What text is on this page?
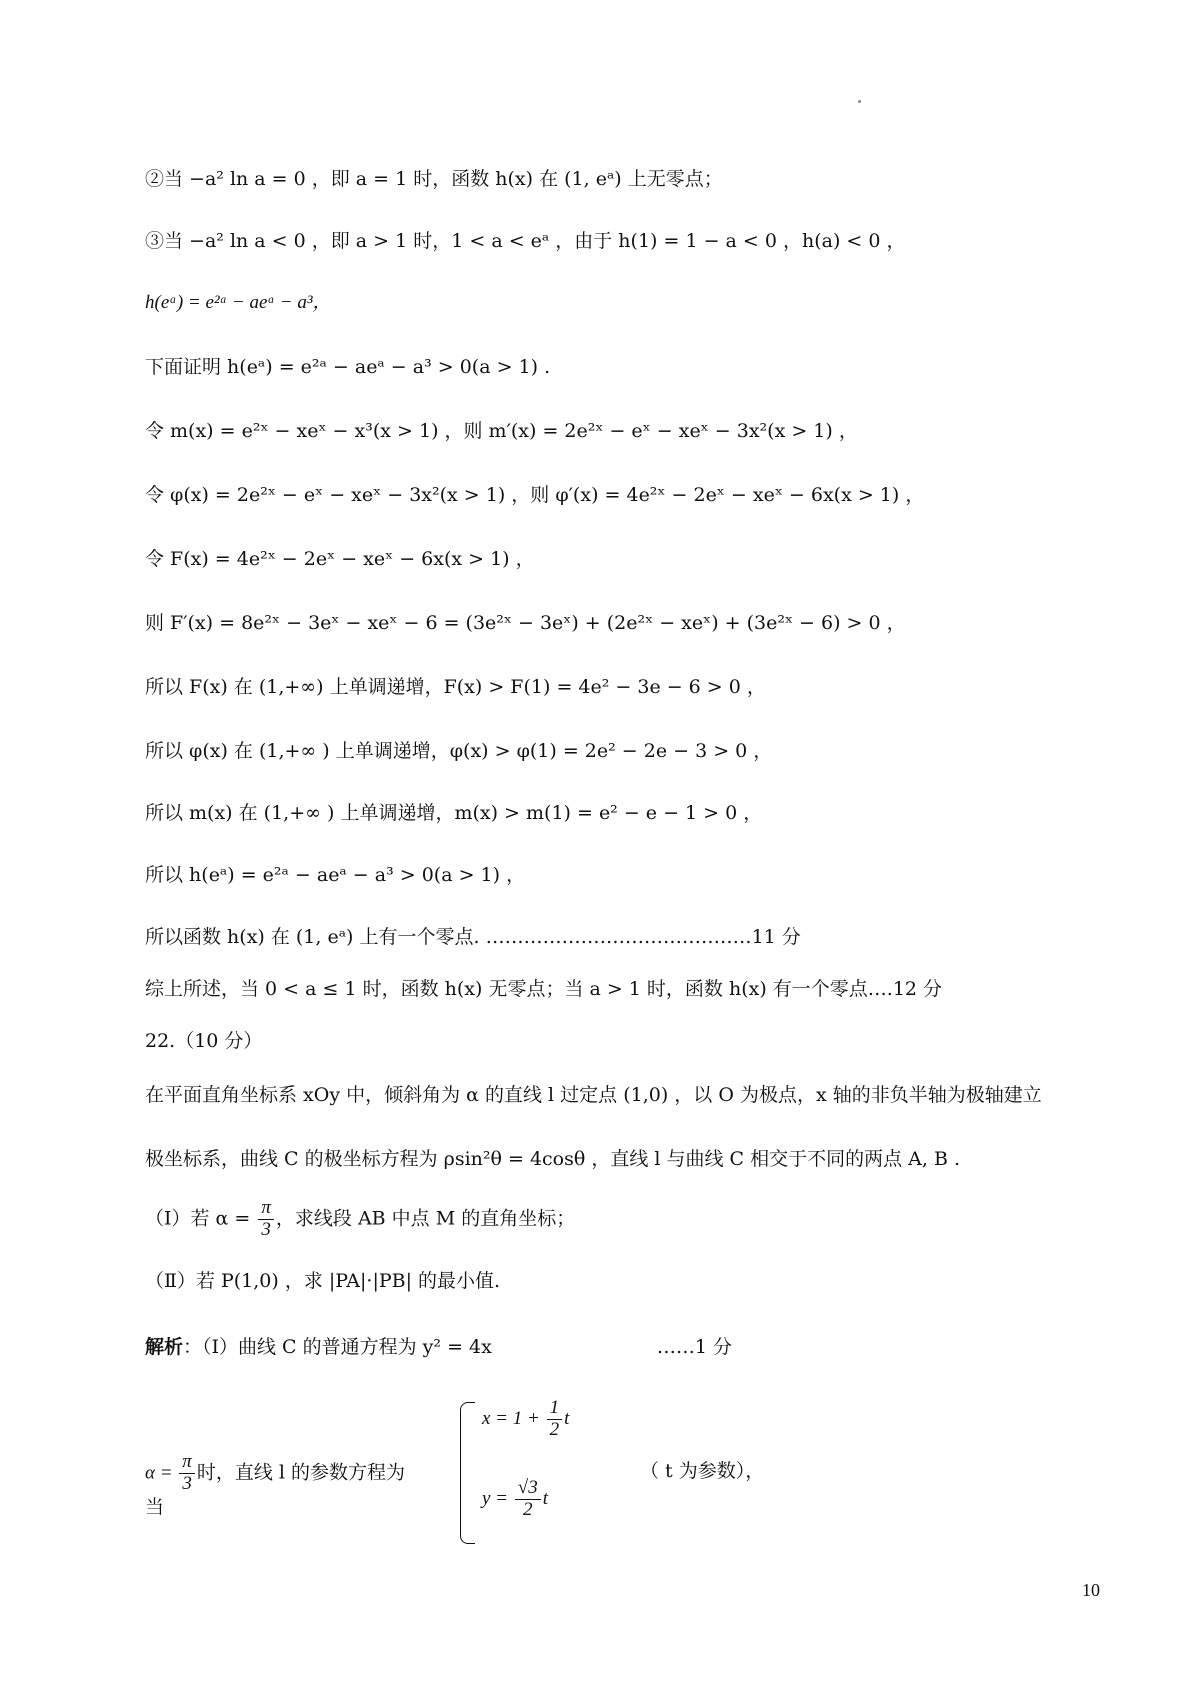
②当 −a² ln a = 0 ，即 a = 1 时，函数 h(x) 在 (1, eᵃ) 上无零点；
③当 −a² ln a < 0 ，即 a > 1 时，1 < a < eᵃ ，由于 h(1) = 1 − a < 0 ，h(a) < 0 ，
h(eᵃ) = e²ᵃ − aeᵃ − a³，
下面证明 h(eᵃ) = e²ᵃ − aeᵃ − a³ > 0(a > 1) .
令 m(x) = e²ˣ − xeˣ − x³(x > 1) ，则 m′(x) = 2e²ˣ − eˣ − xeˣ − 3x²(x > 1) ，
令 φ(x) = 2e²ˣ − eˣ − xeˣ − 3x²(x > 1) ，则 φ′(x) = 4e²ˣ − 2eˣ − xeˣ − 6x(x > 1) ，
令 F(x) = 4e²ˣ − 2eˣ − xeˣ − 6x(x > 1) ，
则 F′(x) = 8e²ˣ − 3eˣ − xeˣ − 6 = (3e²ˣ − 3eˣ) + (2e²ˣ − xeˣ) + (3e²ˣ − 6) > 0 ，
所以 F(x) 在 (1,+∞) 上单调递增，F(x) > F(1) = 4e² − 3e − 6 > 0 ，
所以 φ(x) 在 (1,+∞ ) 上单调递增，φ(x) > φ(1) = 2e² − 2e − 3 > 0 ，
所以 m(x) 在 (1,+∞ ) 上单调递增，m(x) > m(1) = e² − e − 1 > 0 ，
所以 h(eᵃ) = e²ᵃ − aeᵃ − a³ > 0(a > 1) ，
所以函数 h(x) 在 (1, eᵃ) 上有一个零点. ……………………………………11 分
综上所述，当 0 < a ≤ 1 时，函数 h(x) 无零点；当 a > 1 时，函数 h(x) 有一个零点….12 分
22.（10 分）
在平面直角坐标系 xOy 中，倾斜角为 α 的直线 l 过定点 (1,0) ，以 O 为极点，x 轴的非负半轴为极轴建立
极坐标系，曲线 C 的极坐标方程为 ρsin²θ = 4cosθ ，直线 l 与曲线 C 相交于不同的两点 A, B .
（Ⅰ）若 $\alpha = \frac{\pi}{3}$ ，求线段 AB 中点 M 的直角坐标；
（Ⅱ）若 P(1,0) ，求 |PA|·|PB| 的最小值.
解析：（Ⅰ）曲线 C 的普通方程为 y² = 4x	……1 分
$\alpha = \frac{\pi}{3}$ 时，直线 l 的参数方程为
当
$x = 1 + \frac{1}{2}$ t
$y = \frac{√3}{2}$ t
（ t 为参数），
10
